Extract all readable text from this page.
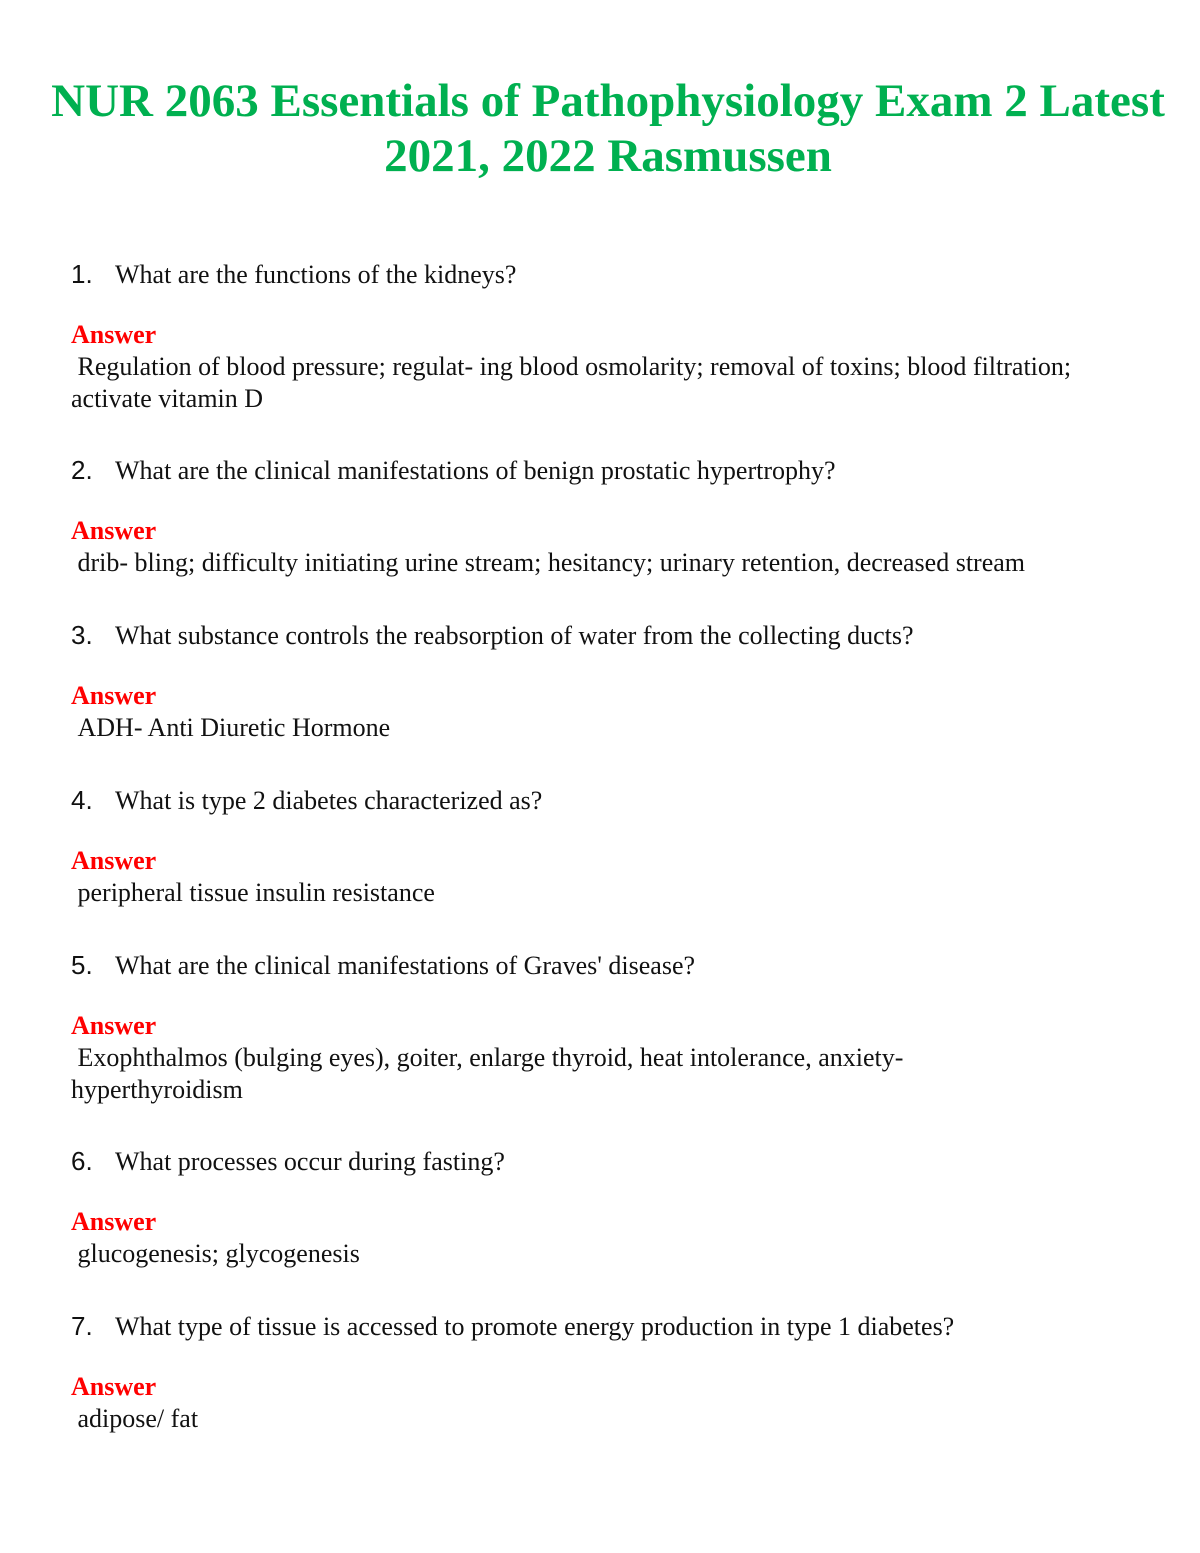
NUR 2063 Essentials of Pathophysiology Exam 2 Latest 2021, 2022 Rasmussen
1. What are the functions of the kidneys?
Answer
Regulation of blood pressure; regulat- ing blood osmolarity; removal of toxins; blood filtration; activate vitamin D
2. What are the clinical manifestations of benign prostatic hypertrophy?
Answer
drib- bling; difficulty initiating urine stream; hesitancy; urinary retention, decreased stream
3. What substance controls the reabsorption of water from the collecting ducts?
Answer
ADH- Anti Diuretic Hormone
4. What is type 2 diabetes characterized as?
Answer
peripheral tissue insulin resistance
5. What are the clinical manifestations of Graves' disease?
Answer
Exophthalmos (bulging eyes), goiter, enlarge thyroid, heat intolerance, anxiety- hyperthyroidism
6. What processes occur during fasting?
Answer
glucogenesis; glycogenesis
7. What type of tissue is accessed to promote energy production in type 1 diabetes?
Answer
adipose/ fat
